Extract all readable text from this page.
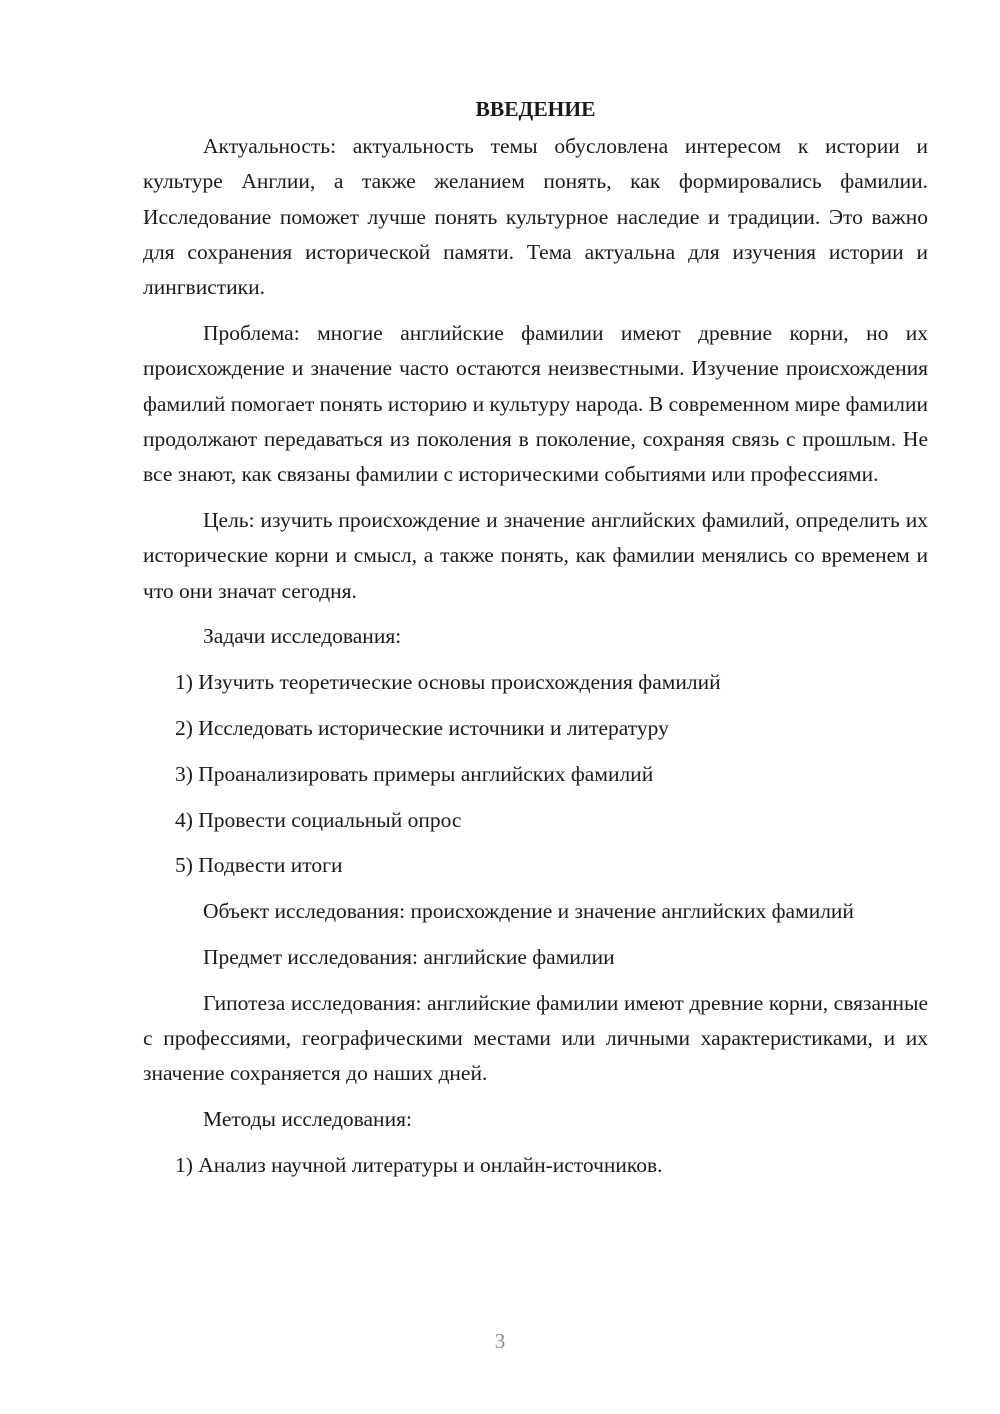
ВВЕДЕНИЕ

Актуальность: актуальность темы обусловлена интересом к истории и культуре Англии, а также желанием понять, как формировались фамилии. Исследование поможет лучше понять культурное наследие и традиции. Это важно для сохранения исторической памяти. Тема актуальна для изучения истории и лингвистики.

Проблема: многие английские фамилии имеют древние корни, но их происхождение и значение часто остаются неизвестными. Изучение происхождения фамилий помогает понять историю и культуру народа. В современном мире фамилии продолжают передаваться из поколения в поколение, сохраняя связь с прошлым. Не все знают, как связаны фамилии с историческими событиями или профессиями.

Цель: изучить происхождение и значение английских фамилий, определить их исторические корни и смысл, а также понять, как фамилии менялись со временем и что они значат сегодня.

Задачи исследования:
1) Изучить теоретические основы происхождения фамилий
2) Исследовать исторические источники и литературу
3) Проанализировать примеры английских фамилий
4) Провести социальный опрос
5) Подвести итоги

Объект исследования: происхождение и значение английских фамилий

Предмет исследования: английские фамилии

Гипотеза исследования: английские фамилии имеют древние корни, связанные с профессиями, географическими местами или личными характеристиками, и их значение сохраняется до наших дней.

Методы исследования:
1) Анализ научной литературы и онлайн-источников.
3
